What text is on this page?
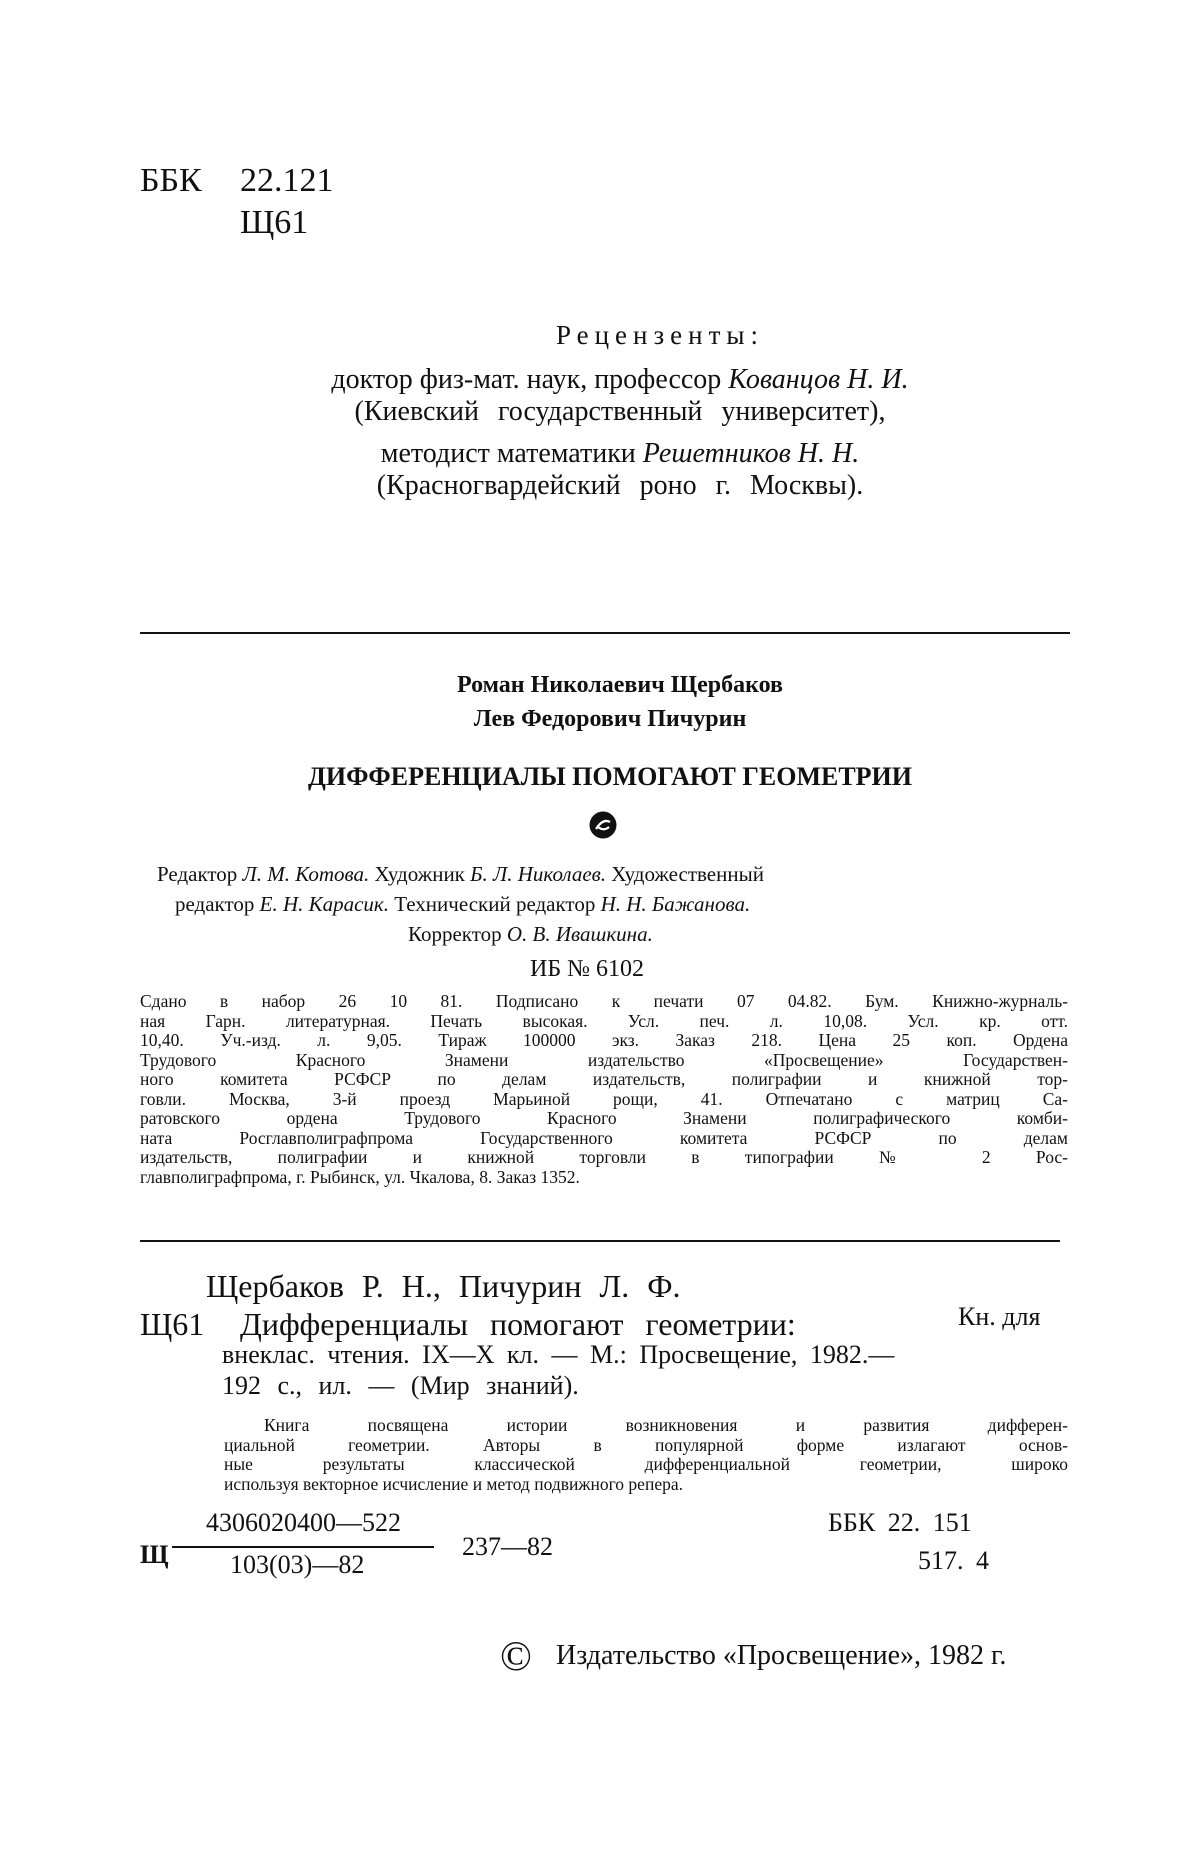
ББК 22.121
Щ61
Рецензенты:
доктор физ-мат. наук, профессор Кованцов Н. И.
(Киевский государственный университет),
методист математики Решетников Н. Н.
(Красногвардейский роно г. Москвы).
Роман Николаевич Щербаков
Лев Федорович Пичурин
ДИФФЕРЕНЦИАЛЫ ПОМОГАЮТ ГЕОМЕТРИИ
Редактор Л. М. Котова. Художник Б. Л. Николаев. Художественный
редактор Е. Н. Карасик. Технический редактор Н. Н. Бажанова.
Корректор О. В. Ивашкина.
ИБ № 6102
Сдано в набор 26 10 81. Подписано к печати 07 04.82. Бум. Книжно-журналь-
ная Гарн. литературная. Печать высокая. Усл. печ. л. 10,08. Усл. кр. отт.
10,40. Уч.-изд. л. 9,05. Тираж 100000 экз. Заказ 218. Цена 25 коп. Ордена
Трудового Красного Знамени издательство «Просвещение» Государствен-
ного комитета РСФСР по делам издательств, полиграфии и книжной тор-
говли. Москва, 3-й проезд Марьиной рощи, 41. Отпечатано с матриц Са-
ратовского ордена Трудового Красного Знамени полиграфического комби-
ната Росглавполиграфпрома Государственного комитета РСФСР по делам
издательств, полиграфии и книжной торговли в типографии № 2 Рос-
главполиграфпрома, г. Рыбинск, ул. Чкалова, 8. Заказ 1352.
Щербаков Р. Н., Пичурин Л. Ф.
Щ61 Дифференциалы помогают геометрии:	Кн. для
внеклас. чтения. IX—X кл. — М.: Просвещение, 1982.—
192 с., ил. — (Мир знаний).
Книга посвящена истории возникновения и развития дифферен-
циальной геометрии. Авторы в популярной форме излагают основ-
ные результаты классической дифференциальной геометрии, широко
используя векторное исчисление и метод подвижного репера.
Щ
4306020400—522
103(03)—82
237—82
ББК 22. 151
517. 4
© Издательство «Просвещение», 1982 г.
